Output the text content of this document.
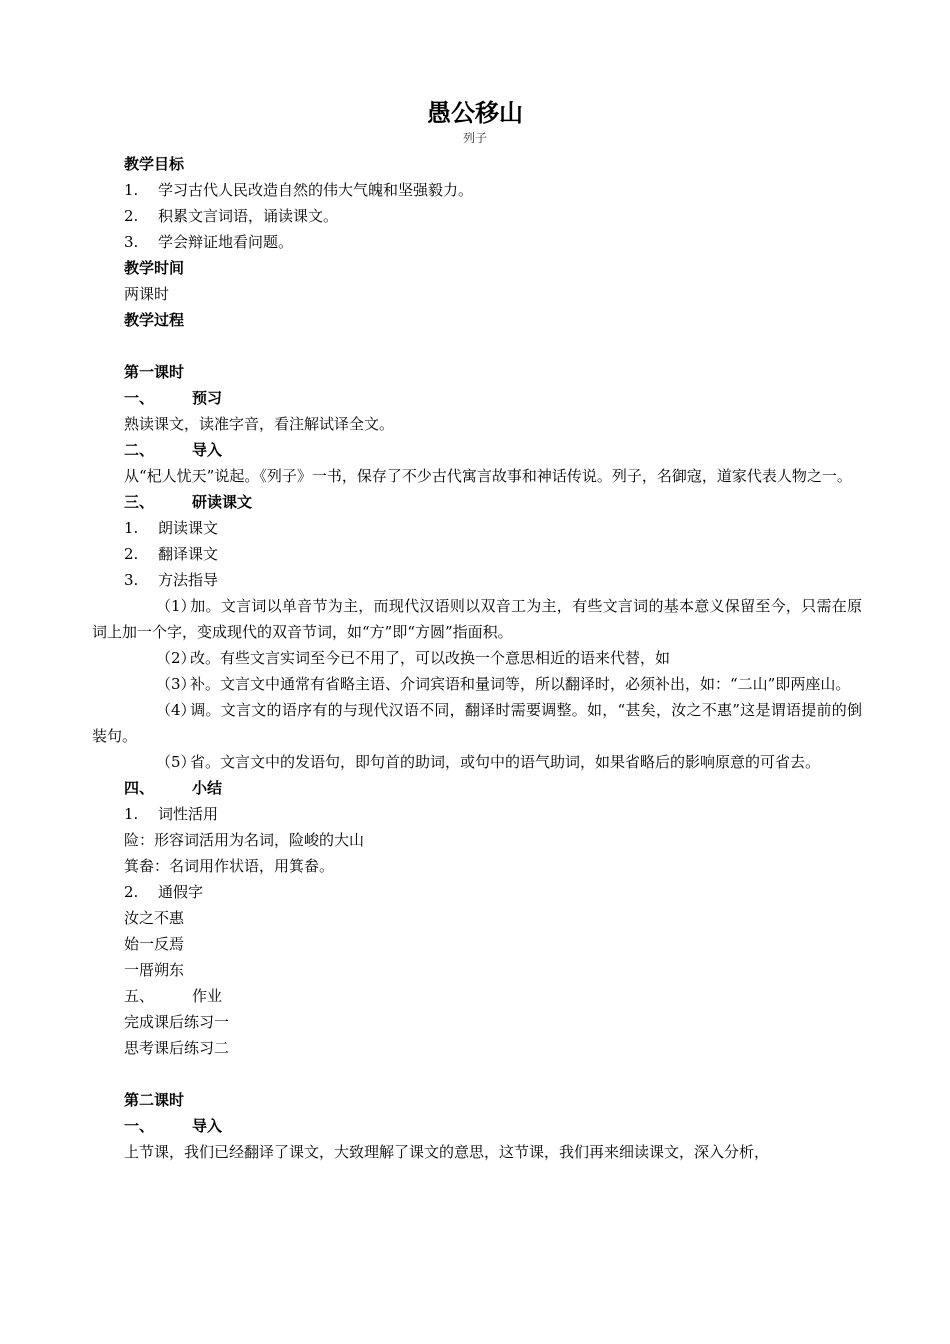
愚公移山
列子
教学目标
1. 学习古代人民改造自然的伟大气魄和坚强毅力。
2. 积累文言词语，诵读课文。
3. 学会辩证地看问题。
教学时间
两课时
教学过程
第一课时
一、	预习
熟读课文，读准字音，看注解试译全文。
二、	导入
从“杞人忧天”说起。《列子》一书，保存了不少古代寓言故事和神话传说。列子，名御寇，道家代表人物之一。
三、	研读课文
1. 朗读课文
2. 翻译课文
3. 方法指导
（1）加。文言词以单音节为主，而现代汉语则以双音工为主，有些文言词的基本意义保留至今，只需在原词上加一个字，变成现代的双音节词，如“方”即“方圆”指面积。
（2）改。有些文言实词至今已不用了，可以改换一个意思相近的语来代替，如
（3）补。文言文中通常有省略主语、介词宾语和量词等，所以翻译时，必须补出，如：“二山”即两座山。
（4）调。文言文的语序有的与现代汉语不同，翻译时需要调整。如，“甚矣，汝之不惠”这是谓语提前的倒装句。
（5）省。文言文中的发语句，即句首的助词，或句中的语气助词，如果省略后的影响原意的可省去。
四、	小结
1. 词性活用
险：形容词活用为名词，险峻的大山
箕畚：名词用作状语，用箕畚。
2. 通假字
汝之不惠
始一反焉
一厝朔东
五、	作业
完成课后练习一
思考课后练习二
第二课时
一、	导入
上节课，我们已经翻译了课文，大致理解了课文的意思，这节课，我们再来细读课文，深入分析，
